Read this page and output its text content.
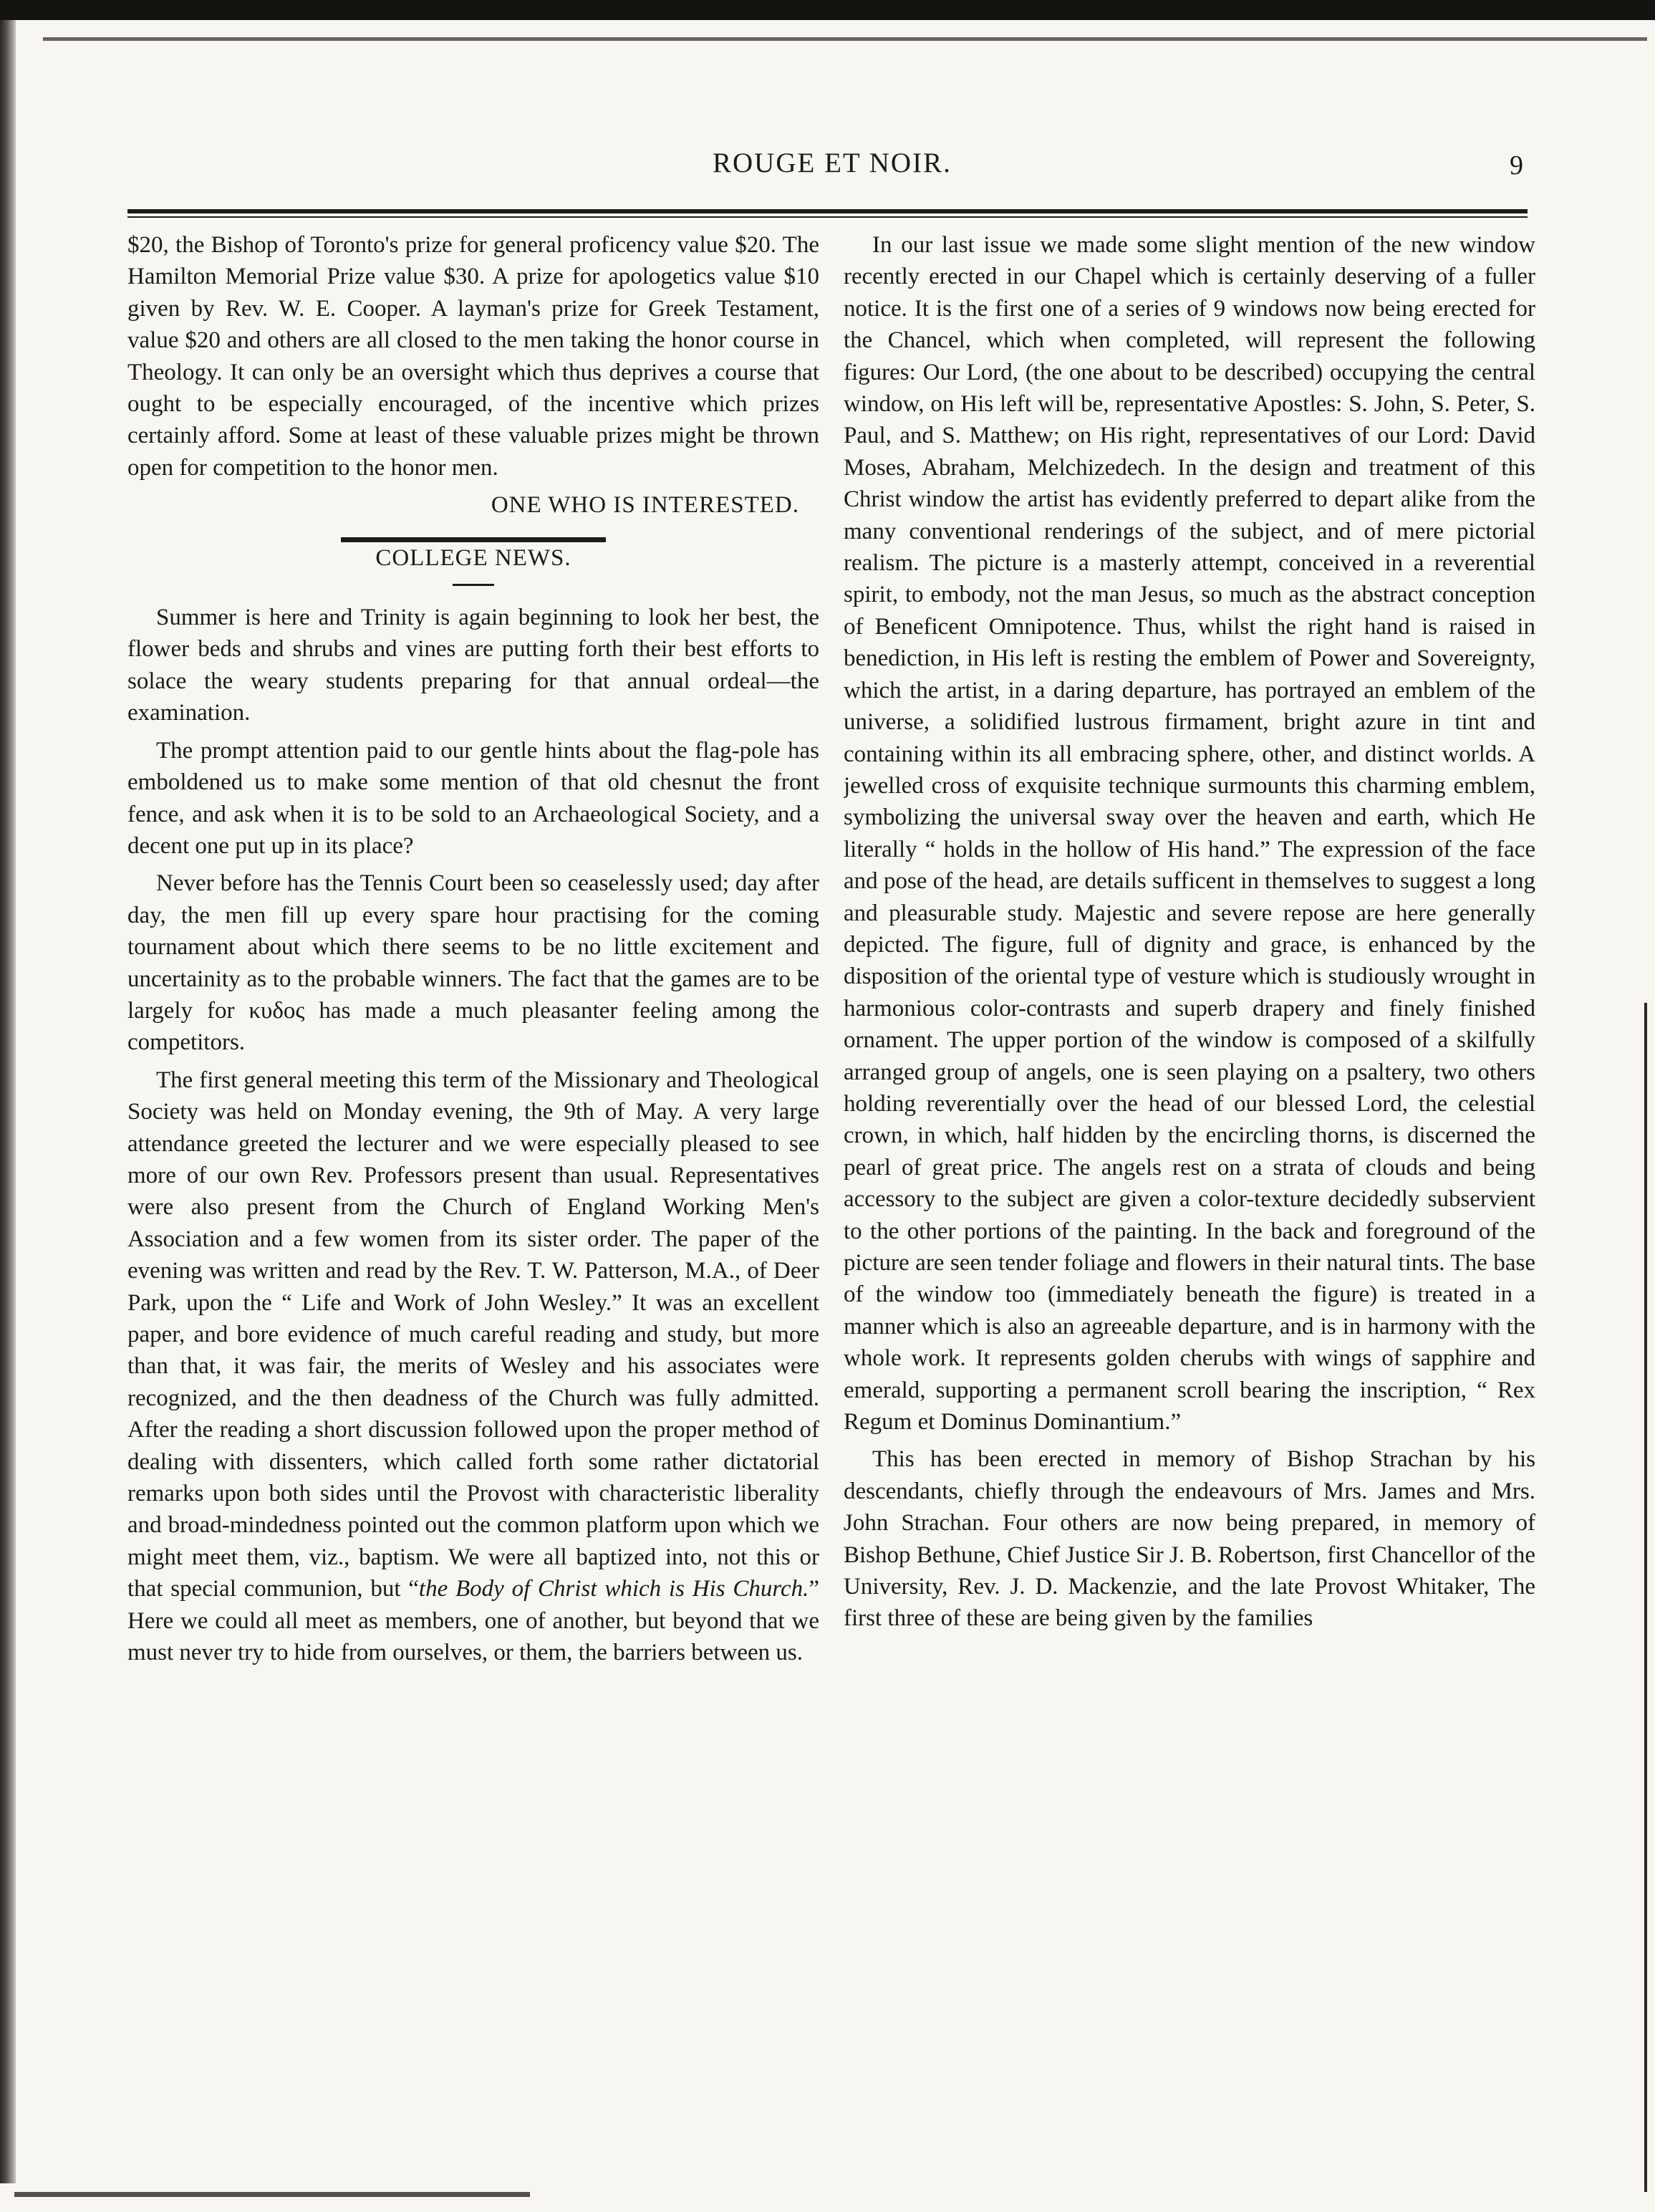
ROUGE ET NOIR.	9

$20, the Bishop of Toronto's prize for general proficency value $20. The Hamilton Memorial Prize value $30. A prize for apologetics value $10 given by Rev. W. E. Cooper. A layman's prize for Greek Testament, value $20 and others are all closed to the men taking the honor course in Theology. It can only be an oversight which thus deprives a course that ought to be especially encouraged, of the incentive which prizes certainly afford. Some at least of these valuable prizes might be thrown open for competition to the honor men.

ONE WHO IS INTERESTED.

COLLEGE NEWS.

Summer is here and Trinity is again beginning to look her best, the flower beds and shrubs and vines are putting forth their best efforts to solace the weary students preparing for that annual ordeal—the examination.

The prompt attention paid to our gentle hints about the flag-pole has emboldened us to make some mention of that old chesnut the front fence, and ask when it is to be sold to an Archaeological Society, and a decent one put up in its place?

Never before has the Tennis Court been so ceaselessly used; day after day, the men fill up every spare hour practising for the coming tournament about which there seems to be no little excitement and uncertainity as to the probable winners. The fact that the games are to be largely for κυδος has made a much pleasanter feeling among the competitors.

The first general meeting this term of the Missionary and Theological Society was held on Monday evening, the 9th of May. A very large attendance greeted the lecturer and we were especially pleased to see more of our own Rev. Professors present than usual. Representatives were also present from the Church of England Working Men's Association and a few women from its sister order. The paper of the evening was written and read by the Rev. T. W. Patterson, M.A., of Deer Park, upon the “ Life and Work of John Wesley.” It was an excellent paper, and bore evidence of much careful reading and study, but more than that, it was fair, the merits of Wesley and his associates were recognized, and the then deadness of the Church was fully admitted. After the reading a short discussion followed upon the proper method of dealing with dissenters, which called forth some rather dictatorial remarks upon both sides until the Provost with characteristic liberality and broad-mindedness pointed out the common platform upon which we might meet them, viz., baptism. We were all baptized into, not this or that special communion, but “the Body of Christ which is His Church.” Here we could all meet as members, one of another, but beyond that we must never try to hide from ourselves, or them, the barriers between us.

In our last issue we made some slight mention of the new window recently erected in our Chapel which is certainly deserving of a fuller notice. It is the first one of a series of 9 windows now being erected for the Chancel, which when completed, will represent the following figures: Our Lord, (the one about to be described) occupying the central window, on His left will be, representative Apostles: S. John, S. Peter, S. Paul, and S. Matthew; on His right, representatives of our Lord: David Moses, Abraham, Melchizedech. In the design and treatment of this Christ window the artist has evidently preferred to depart alike from the many conventional renderings of the subject, and of mere pictorial realism. The picture is a masterly attempt, conceived in a reverential spirit, to embody, not the man Jesus, so much as the abstract conception of Beneficent Omnipotence. Thus, whilst the right hand is raised in benediction, in His left is resting the emblem of Power and Sovereignty, which the artist, in a daring departure, has portrayed an emblem of the universe, a solidified lustrous firmament, bright azure in tint and containing within its all embracing sphere, other, and distinct worlds. A jewelled cross of exquisite technique surmounts this charming emblem, symbolizing the universal sway over the heaven and earth, which He literally “ holds in the hollow of His hand.” The expression of the face and pose of the head, are details sufficent in themselves to suggest a long and pleasurable study. Majestic and severe repose are here generally depicted. The figure, full of dignity and grace, is enhanced by the disposition of the oriental type of vesture which is studiously wrought in harmonious color-contrasts and superb drapery and finely finished ornament. The upper portion of the window is composed of a skilfully arranged group of angels, one is seen playing on a psaltery, two others holding reverentially over the head of our blessed Lord, the celestial crown, in which, half hidden by the encircling thorns, is discerned the pearl of great price. The angels rest on a strata of clouds and being accessory to the subject are given a color-texture decidedly subservient to the other portions of the painting. In the back and foreground of the picture are seen tender foliage and flowers in their natural tints. The base of the window too (immediately beneath the figure) is treated in a manner which is also an agreeable departure, and is in harmony with the whole work. It represents golden cherubs with wings of sapphire and emerald, supporting a permanent scroll bearing the inscription, “ Rex Regum et Dominus Dominantium.”

This has been erected in memory of Bishop Strachan by his descendants, chiefly through the endeavours of Mrs. James and Mrs. John Strachan. Four others are now being prepared, in memory of Bishop Bethune, Chief Justice Sir J. B. Robertson, first Chancellor of the University, Rev. J. D. Mackenzie, and the late Provost Whitaker, The first three of these are being given by the families
